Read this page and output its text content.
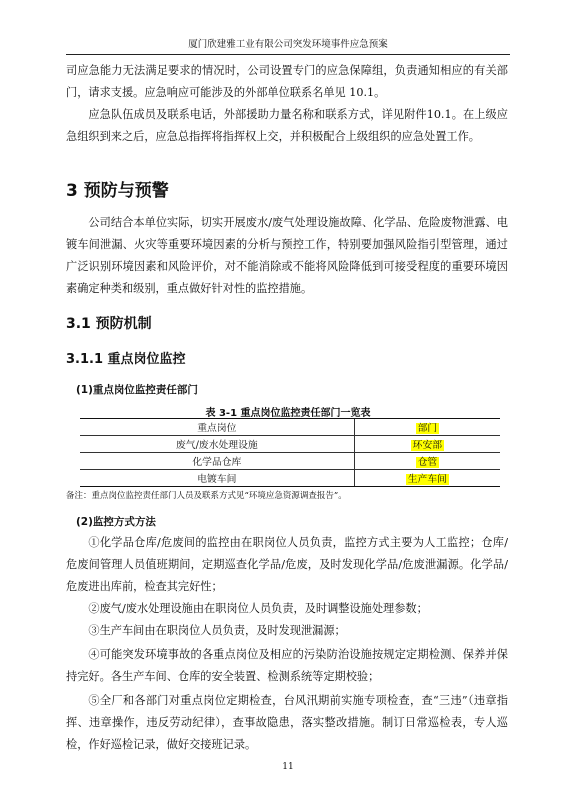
厦门欣建雅工业有限公司突发环境事件应急预案

司应急能力无法满足要求的情况时，公司设置专门的应急保障组，负责通知相应的有关部门，请求支援。应急响应可能涉及的外部单位联系名单见 10.1。

应急队伍成员及联系电话，外部援助力量名称和联系方式，详见附件10.1。在上级应急组织到来之后，应急总指挥将指挥权上交，并积极配合上级组织的应急处置工作。

3 预防与预警

公司结合本单位实际，切实开展废水/废气处理设施故障、化学品、危险废物泄露、电镀车间泄漏、火灾等重要环境因素的分析与预控工作，特别要加强风险指引型管理，通过广泛识别环境因素和风险评价，对不能消除或不能将风险降低到可接受程度的重要环境因素确定种类和级别，重点做好针对性的监控措施。

3.1 预防机制
3.1.1 重点岗位监控
(1)重点岗位监控责任部门
表 3-1 重点岗位监控责任部门一览表
重点岗位	部门
废气/废水处理设施	环安部
化学品仓库	仓管
电镀车间	生产车间
备注：重点岗位监控责任部门人员及联系方式见“环境应急资源调查报告”。
(2)监控方式方法

①化学品仓库/危废间的监控由在职岗位人员负责，监控方式主要为人工监控；仓库/危废间管理人员值班期间，定期巡查化学品/危废，及时发现化学品/危废泄漏源。化学品/危废进出库前，检查其完好性；

②废气/废水处理设施由在职岗位人员负责，及时调整设施处理参数；

③生产车间由在职岗位人员负责，及时发现泄漏源；

④可能突发环境事故的各重点岗位及相应的污染防治设施按规定定期检测、保养并保持完好。各生产车间、仓库的安全装置、检测系统等定期校验；

⑤全厂和各部门对重点岗位定期检查，台风汛期前实施专项检查，查“三违”（违章指挥、违章操作，违反劳动纪律），查事故隐患，落实整改措施。制订日常巡检表，专人巡检，作好巡检记录，做好交接班记录。

11
